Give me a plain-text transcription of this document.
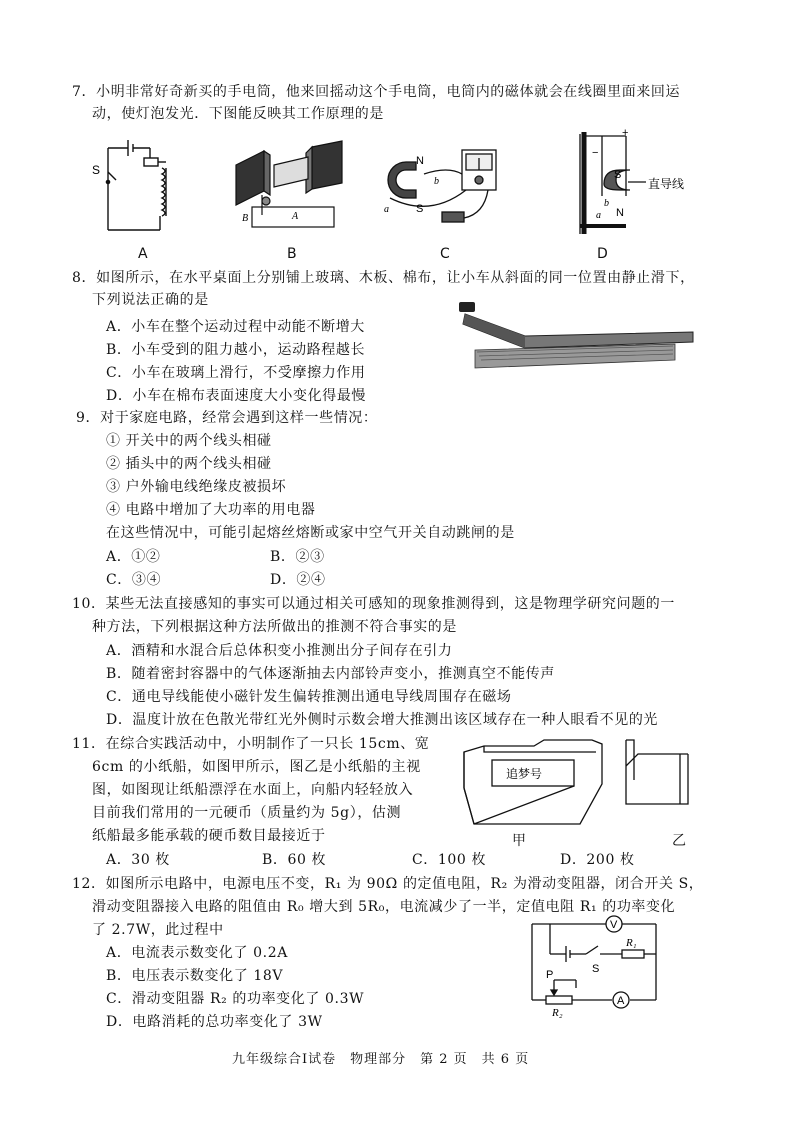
7．小明非常好奇新买的手电筒，他来回摇动这个手电筒，电筒内的磁体就会在线圈里面来回运
动，使灯泡发光．下图能反映其工作原理的是
S
A
B	A
B
N
S
a
b
C
+
−
S
N
a
b
直导线
D
8．如图所示，在水平桌面上分别铺上玻璃、木板、棉布，让小车从斜面的同一位置由静止滑下，
下列说法正确的是
A．小车在整个运动过程中动能不断增大
B．小车受到的阻力越小，运动路程越长
C．小车在玻璃上滑行，不受摩擦力作用
D．小车在棉布表面速度大小变化得最慢
9．对于家庭电路，经常会遇到这样一些情况：
① 开关中的两个线头相碰
② 插头中的两个线头相碰
③ 户外输电线绝缘皮被损坏
④ 电路中增加了大功率的用电器
在这些情况中，可能引起熔丝熔断或家中空气开关自动跳闸的是
A．①②	B．②③
C．③④	D．②④
10．某些无法直接感知的事实可以通过相关可感知的现象推测得到，这是物理学研究问题的一
种方法，下列根据这种方法所做出的推测不符合事实的是
A．酒精和水混合后总体积变小推测出分子间存在引力
B．随着密封容器中的气体逐渐抽去内部铃声变小，推测真空不能传声
C．通电导线能使小磁针发生偏转推测出通电导线周围存在磁场
D．温度计放在色散光带红光外侧时示数会增大推测出该区域存在一种人眼看不见的光
11．在综合实践活动中，小明制作了一只长 15cm、宽
6cm 的小纸船，如图甲所示，图乙是小纸船的主视
图，如图现让纸船漂浮在水面上，向船内轻轻放入
目前我们常用的一元硬币（质量约为 5g），估测
纸船最多能承载的硬币数目最接近于
A．30 枚	B．60 枚	C．100 枚	D．200 枚
追梦号
甲	乙
12．如图所示电路中，电源电压不变，R₁ 为 90Ω 的定值电阻，R₂ 为滑动变阻器，闭合开关 S，
滑动变阻器接入电路的阻值由 R₀ 增大到 5R₀，电流减少了一半，定值电阻 R₁ 的功率变化
了 2.7W，此过程中
A．电流表示数变化了 0.2A
B．电压表示数变化了 18V
C．滑动变阻器 R₂ 的功率变化了 0.3W
D．电路消耗的总功率变化了 3W
V
A
R₁
R₂
S
P
九年级综合Ⅰ试卷　物理部分　第 2 页　共 6 页
